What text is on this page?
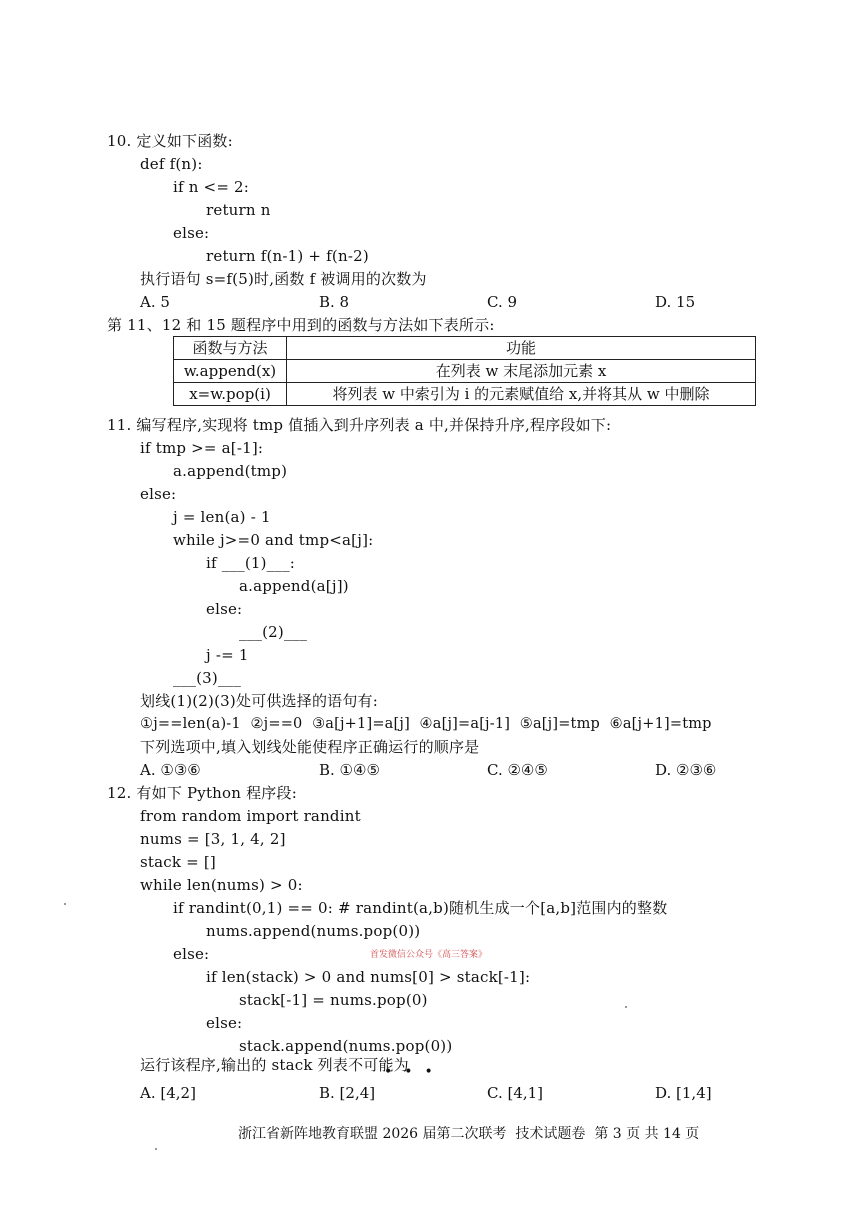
10. 定义如下函数:
def f(n):
if n <= 2:
return n
else:
return f(n-1) + f(n-2)
执行语句 s=f(5)时,函数 f 被调用的次数为
A. 5	B. 8	C. 9	D. 15
第 11、12 和 15 题程序中用到的函数与方法如下表所示:
函数与方法	功能
w.append(x)	在列表 w 末尾添加元素 x
x=w.pop(i)	将列表 w 中索引为 i 的元素赋值给 x,并将其从 w 中删除
11. 编写程序,实现将 tmp 值插入到升序列表 a 中,并保持升序,程序段如下:
if tmp >= a[-1]:
a.append(tmp)
else:
j = len(a) - 1
while j>=0 and tmp<a[j]:
if ___(1)___:
a.append(a[j])
else:
___(2)___
j -= 1
___(3)___
划线(1)(2)(3)处可供选择的语句有:
①j==len(a)-1  ②j==0  ③a[j+1]=a[j]  ④a[j]=a[j-1]  ⑤a[j]=tmp  ⑥a[j+1]=tmp
下列选项中,填入划线处能使程序正确运行的顺序是
A. ①③⑥	B. ①④⑤	C. ②④⑤	D. ②③⑥
12. 有如下 Python 程序段:
from random import randint
nums = [3, 1, 4, 2]
stack = []
while len(nums) > 0:
if randint(0,1) == 0: # randint(a,b)随机生成一个[a,b]范围内的整数
nums.append(nums.pop(0))
else:	首发微信公众号《高三答案》
if len(stack) > 0 and nums[0] > stack[-1]:
stack[-1] = nums.pop(0)
else:
stack.append(nums.pop(0))
运行该程序,输出的 stack 列表不可能为
•••
A. [4,2]	B. [2,4]	C. [4,1]	D. [1,4]
浙江省新阵地教育联盟 2026 届第二次联考  技术试题卷  第 3 页 共 14 页
